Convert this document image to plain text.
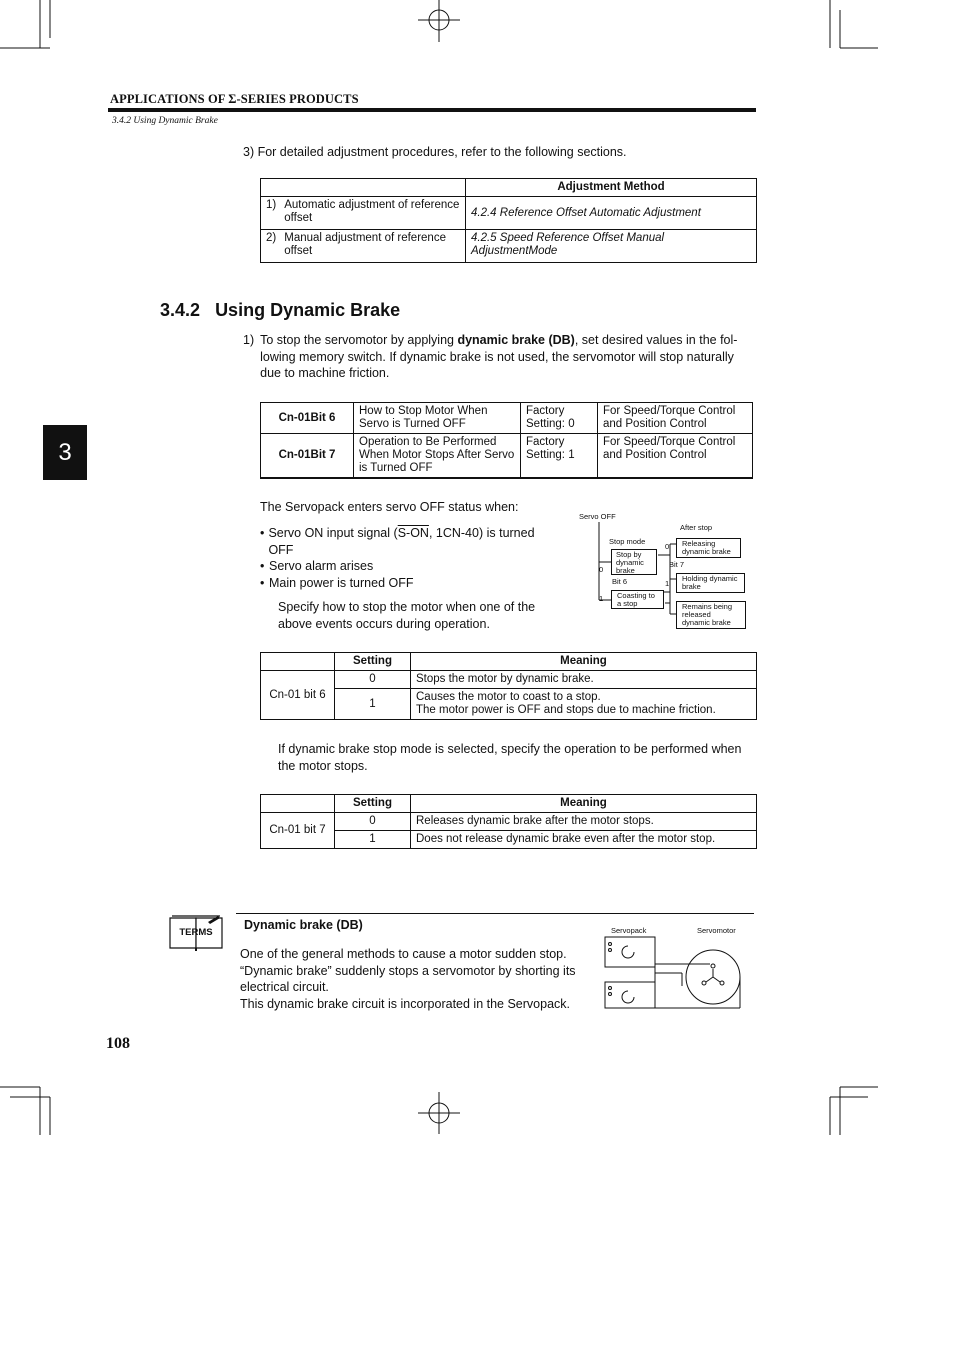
APPLICATIONS OF Σ-SERIES PRODUCTS
3.4.2 Using Dynamic Brake
3) For detailed adjustment procedures, refer to the following sections.
	Adjustment Method

1) Automatic adjustment of reference offset	4.2.4 Reference Offset Automatic Adjustment

2) Manual adjustment of reference offset	4.2.5 Speed Reference Offset Manual AdjustmentMode
3.4.2 Using Dynamic Brake
3
1) To stop the servomotor by applying dynamic brake (DB), set desired values in the fol-lowing memory switch. If dynamic brake is not used, the servomotor will stop naturally due to machine friction.
Cn-01Bit 6	How to Stop Motor When Servo is Turned OFF	Factory Setting: 0	For Speed/Torque Control and Position Control
Cn-01Bit 7	Operation to Be Performed When Motor Stops After Servo is Turned OFF	Factory Setting: 1	For Speed/Torque Control and Position Control
The Servopack enters servo OFF status when:
• Servo ON input signal (S-ON, 1CN-40) is turned OFF
• Servo alarm arises
• Main power is turned OFF
Specify how to stop the motor when one of the above events occurs during operation.
Servo OFF
Stop mode
After stop
Stop by dynamic brake
Bit 6
Coasting to a stop
0
1
0
1
Bit 7
Releasing dynamic brake
Holding dynamic brake
Remains being released dynamic brake
	Setting	Meaning
Cn-01 bit 6	0	Stops the motor by dynamic brake.
	1	Causes the motor to coast to a stop.
The motor power is OFF and stops due to machine friction.
If dynamic brake stop mode is selected, specify the operation to be performed when the motor stops.
	Setting	Meaning
Cn-01 bit 7	0	Releases dynamic brake after the motor stops.
	1	Does not release dynamic brake even after the motor stop.
TERMS
Dynamic brake (DB)
One of the general methods to cause a motor sudden stop.
“Dynamic brake” suddenly stops a servomotor by shorting its electrical circuit.
This dynamic brake circuit is incorporated in the Servopack.
Servopack	Servomotor
108
